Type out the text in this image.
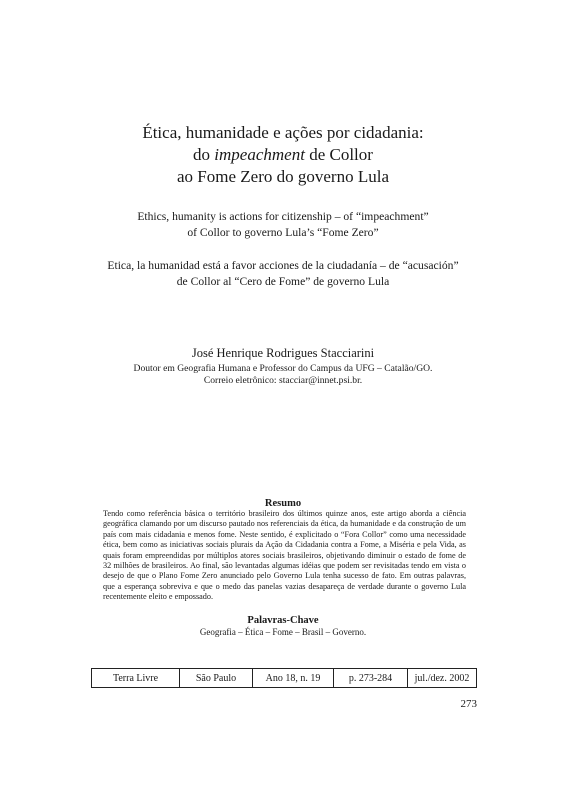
Ética, humanidade e ações por cidadania:
do impeachment de Collor
ao Fome Zero do governo Lula
Ethics, humanity is actions for citizenship – of “impeachment”
of Collor to governo Lula’s “Fome Zero”
Etica, la humanidad está a favor acciones de la ciudadanía – de “acusación”
de Collor al “Cero de Fome” de governo Lula
José Henrique Rodrigues Stacciarini
Doutor em Geografia Humana e Professor do Campus da UFG – Catalão/GO.
Correio eletrônico: stacciar@innet.psi.br.
Resumo
Tendo como referência básica o território brasileiro dos últimos quinze anos, este artigo aborda a ciência geográfica clamando por um discurso pautado nos referenciais da ética, da humanidade e da construção de um país com mais cidadania e menos fome. Neste sentido, é explicitado o “Fora Collor” como uma necessidade ética, bem como as iniciativas sociais plurais da Ação da Cidadania contra a Fome, a Miséria e pela Vida, as quais foram empreendidas por múltiplos atores sociais brasileiros, objetivando diminuir o estado de fome de 32 milhões de brasileiros. Ao final, são levantadas algumas idéias que podem ser revisitadas tendo em vista o desejo de que o Plano Fome Zero anunciado pelo Governo Lula tenha sucesso de fato. Em outras palavras, que a esperança sobreviva e que o medo das panelas vazias desapareça de verdade durante o governo Lula recentemente eleito e empossado.
Palavras-Chave
Geografia – Ética – Fome – Brasil – Governo.
Terra Livre	São Paulo	Ano 18, n. 19	p. 273-284	jul./dez. 2002
273
